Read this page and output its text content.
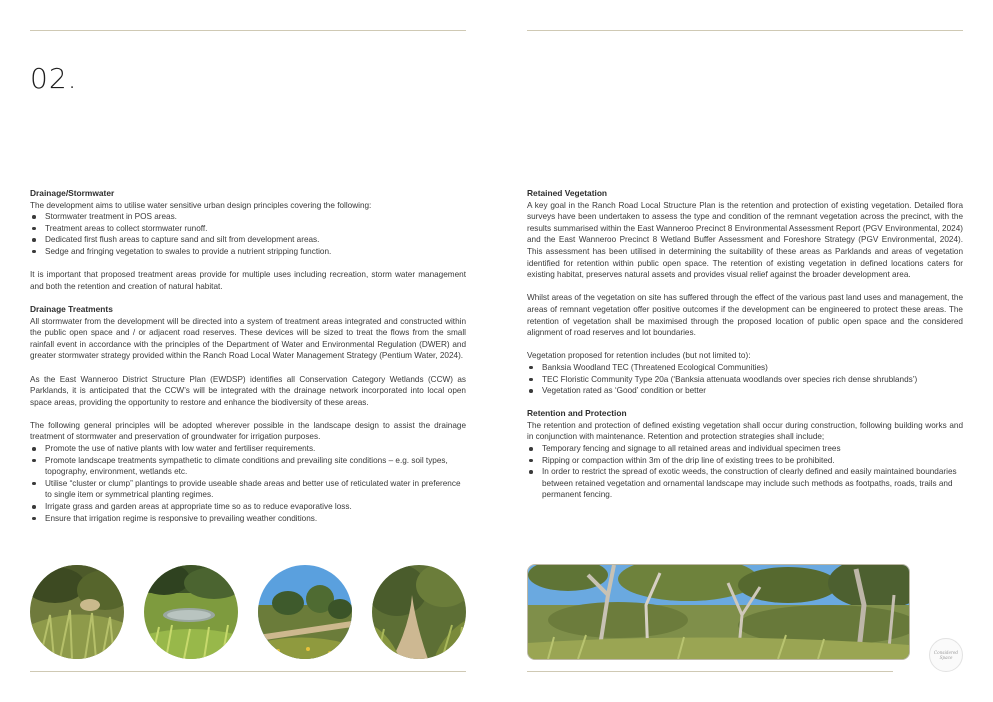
02.
Drainage/Stormwater

The development aims to utilise water sensitive urban design principles covering the following:

Stormwater treatment in POS areas.
Treatment areas to collect stormwater runoff.
Dedicated first flush areas to capture sand and silt from development areas.
Sedge and fringing vegetation to swales to provide a nutrient stripping function.

It is important that proposed treatment areas provide for multiple uses including recreation, storm water management and both the retention and creation of natural habitat.

Drainage Treatments

All stormwater from the development will be directed into a system of treatment areas integrated and constructed within the public open space and / or adjacent road reserves. These devices will be sized to treat the flows from the small rainfall event in accordance with the principles of the Department of Water and Environmental Regulation (DWER) and greater stormwater strategy provided within the Ranch Road Local Water Management Strategy (Pentium Water, 2024).

As the East Wanneroo District Structure Plan (EWDSP) identifies all Conservation Category Wetlands (CCW) as Parklands, it is anticipated that the CCW’s will be integrated with the drainage network incorporated into local open space areas, providing the opportunity to restore and enhance the biodiversity of these areas.

The following general principles will be adopted wherever possible in the landscape design to assist the drainage treatment of stormwater and preservation of groundwater for irrigation purposes.

Promote the use of native plants with low water and fertiliser requirements.
Promote landscape treatments sympathetic to climate conditions and prevailing site conditions – e.g. soil types, topography, environment, wetlands etc.
Utilise “cluster or clump” plantings to provide useable shade areas and better use of reticulated water in preference to single item or symmetrical planting regimes.
Irrigate grass and garden areas at appropriate time so as to reduce evaporative loss.
Ensure that irrigation regime is responsive to prevailing weather conditions.
Retained Vegetation

A key goal in the Ranch Road Local Structure Plan is the retention and protection of existing vegetation. Detailed flora surveys have been undertaken to assess the type and condition of the remnant vegetation across the precinct, with the results summarised within the East Wanneroo Precinct 8 Environmental Assessment Report (PGV Environmental, 2024) and the East Wanneroo Precinct 8 Wetland Buffer Assessment and Foreshore Strategy (PGV Environmental, 2024). This assessment has been utilised in determining the suitability of these areas as Parklands and areas of vegetation identified for retention within public open space. The retention of existing vegetation in defined locations caters for existing habitat, preserves natural assets and provides visual relief against the broader development area.

Whilst areas of the vegetation on site has suffered through the effect of the various past land uses and management, the areas of remnant vegetation offer positive outcomes if the development can be engineered to protect these areas. The retention of vegetation shall be maximised through the proposed location of public open space and the considered alignment of road reserves and lot boundaries.

Vegetation proposed for retention includes (but not limited to):

Banksia Woodland TEC (Threatened Ecological Communities)
TEC Floristic Community Type 20a (‘Banksia attenuata woodlands over species rich dense shrublands’)
Vegetation rated as ‘Good’ condition or better
Retention and Protection

The retention and protection of defined existing vegetation shall occur during construction, following building works and in conjunction with maintenance. Retention and protection strategies shall include;

Temporary fencing and signage to all retained areas and individual specimen trees
Ripping or compaction within 3m of the drip line of existing trees to be prohibited.
In order to restrict the spread of exotic weeds, the construction of clearly defined and easily maintained boundaries between retained vegetation and ornamental landscape may include such methods as footpaths, roads, trails and permanent fencing.
Considered
Space
